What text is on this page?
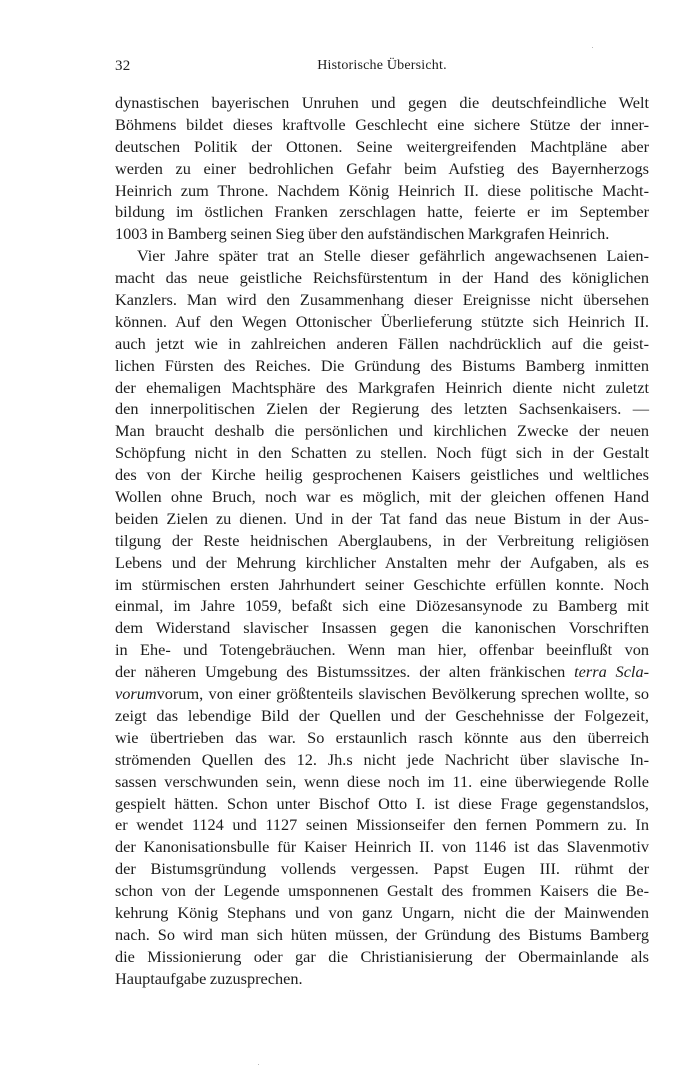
32	Historische Übersicht.
dynastischen bayerischen Unruhen und gegen die deutschfeindliche Welt
Böhmens bildet dieses kraftvolle Geschlecht eine sichere Stütze der inner-
deutschen Politik der Ottonen. Seine weitergreifenden Machtpläne aber
werden zu einer bedrohlichen Gefahr beim Aufstieg des Bayernherzogs
Heinrich zum Throne. Nachdem König Heinrich II. diese politische Macht-
bildung im östlichen Franken zerschlagen hatte, feierte er im September
1003 in Bamberg seinen Sieg über den aufständischen Markgrafen Heinrich.
Vier Jahre später trat an Stelle dieser gefährlich angewachsenen Laien-
macht das neue geistliche Reichsfürstentum in der Hand des königlichen
Kanzlers. Man wird den Zusammenhang dieser Ereignisse nicht übersehen
können. Auf den Wegen Ottonischer Überlieferung stützte sich Heinrich II.
auch jetzt wie in zahlreichen anderen Fällen nachdrücklich auf die geist-
lichen Fürsten des Reiches. Die Gründung des Bistums Bamberg inmitten
der ehemaligen Machtsphäre des Markgrafen Heinrich diente nicht zuletzt
den innerpolitischen Zielen der Regierung des letzten Sachsenkaisers. —
Man braucht deshalb die persönlichen und kirchlichen Zwecke der neuen
Schöpfung nicht in den Schatten zu stellen. Noch fügt sich in der Gestalt
des von der Kirche heilig gesprochenen Kaisers geistliches und weltliches
Wollen ohne Bruch, noch war es möglich, mit der gleichen offenen Hand
beiden Zielen zu dienen. Und in der Tat fand das neue Bistum in der Aus-
tilgung der Reste heidnischen Aberglaubens, in der Verbreitung religiösen
Lebens und der Mehrung kirchlicher Anstalten mehr der Aufgaben, als es
im stürmischen ersten Jahrhundert seiner Geschichte erfüllen konnte. Noch
einmal, im Jahre 1059, befaßt sich eine Diözesansynode zu Bamberg mit
dem Widerstand slavischer Insassen gegen die kanonischen Vorschriften
in Ehe- und Totengebräuchen. Wenn man hier, offenbar beeinflußt von
der näheren Umgebung des Bistumssitzes. der alten fränkischen terra Scla-
vorumvorum, von einer größtenteils slavischen Bevölkerung sprechen wollte, so
zeigt das lebendige Bild der Quellen und der Geschehnisse der Folgezeit,
wie übertrieben das war. So erstaunlich rasch könnte aus den überreich
strömenden Quellen des 12. Jh.s nicht jede Nachricht über slavische In-
sassen verschwunden sein, wenn diese noch im 11. eine überwiegende Rolle
gespielt hätten. Schon unter Bischof Otto I. ist diese Frage gegenstandslos,
er wendet 1124 und 1127 seinen Missionseifer den fernen Pommern zu. In
der Kanonisationsbulle für Kaiser Heinrich II. von 1146 ist das Slavenmotiv
der Bistumsgründung vollends vergessen. Papst Eugen III. rühmt der
schon von der Legende umsponnenen Gestalt des frommen Kaisers die Be-
kehrung König Stephans und von ganz Ungarn, nicht die der Mainwenden
nach. So wird man sich hüten müssen, der Gründung des Bistums Bamberg
die Missionierung oder gar die Christianisierung der Obermainlande als
Hauptaufgabe zuzusprechen.
